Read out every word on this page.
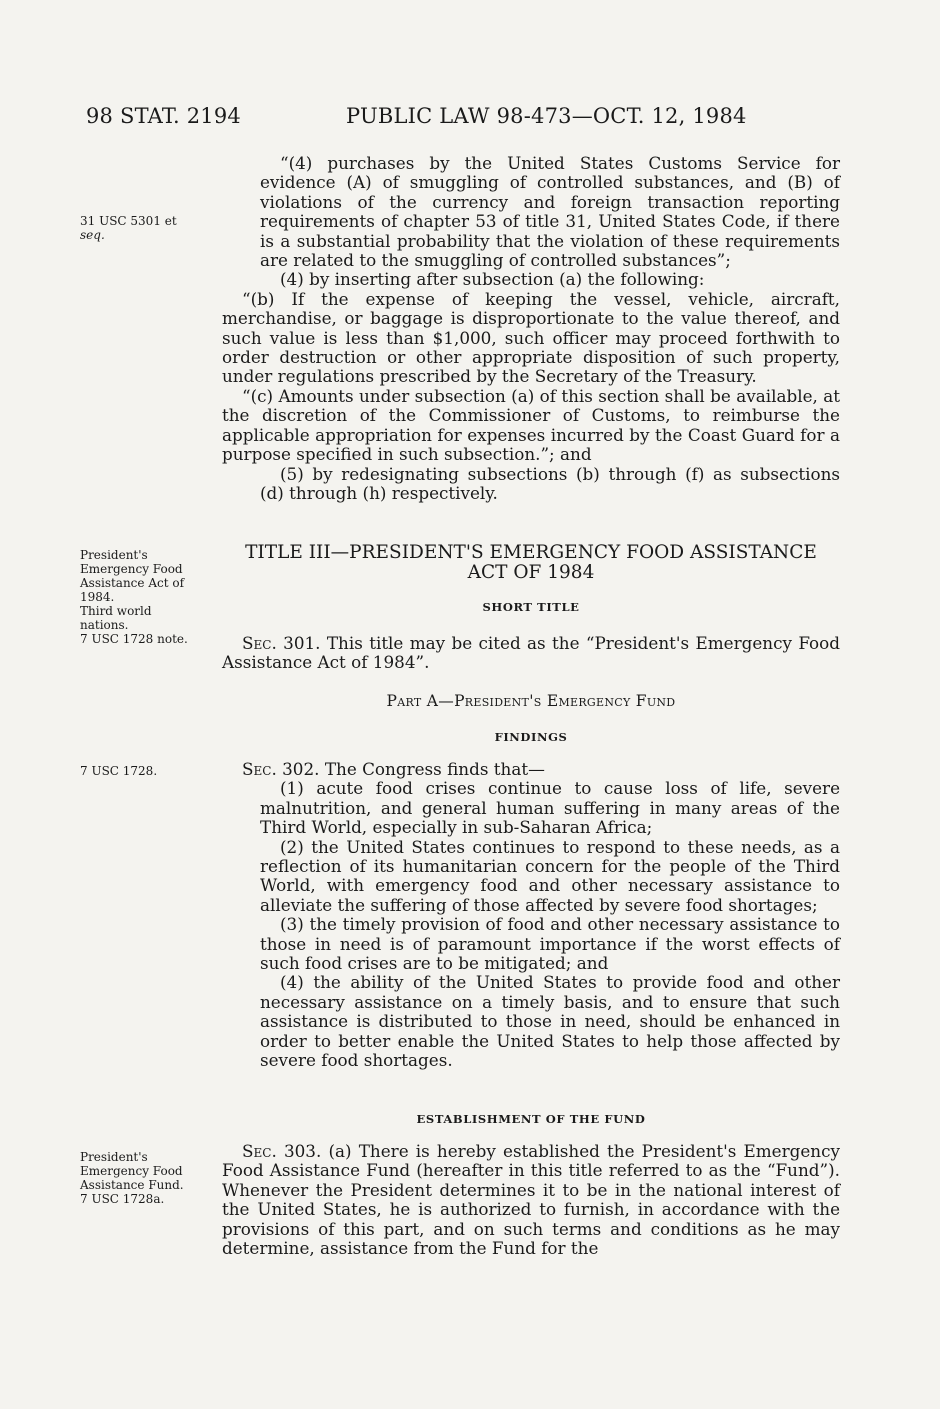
98 STAT. 2194	PUBLIC LAW 98-473—OCT. 12, 1984
31 USC 5301 et
seq.
President's
Emergency Food
Assistance Act of
1984.
Third world
nations.
7 USC 1728 note.
7 USC 1728.
President's
Emergency Food
Assistance Fund.
7 USC 1728a.

“(4) purchases by the United States Customs Service for evidence (A) of smuggling of controlled substances, and (B) of violations of the currency and foreign transaction reporting requirements of chapter 53 of title 31, United States Code, if there is a substantial probability that the violation of these requirements are related to the smuggling of controlled substances”;

(4) by inserting after subsection (a) the following:

“(b) If the expense of keeping the vessel, vehicle, aircraft, merchandise, or baggage is disproportionate to the value thereof, and such value is less than $1,000, such officer may proceed forthwith to order destruction or other appropriate disposition of such property, under regulations prescribed by the Secretary of the Treasury.

“(c) Amounts under subsection (a) of this section shall be available, at the discretion of the Commissioner of Customs, to reimburse the applicable appropriation for expenses incurred by the Coast Guard for a purpose specified in such subsection.”; and

(5) by redesignating subsections (b) through (f) as subsections (d) through (h) respectively.

TITLE III—PRESIDENT'S EMERGENCY FOOD ASSISTANCE
ACT OF 1984
SHORT TITLE

Sec. 301. This title may be cited as the “President's Emergency Food Assistance Act of 1984”.

Part A—President's Emergency Fund
FINDINGS

Sec. 302. The Congress finds that—

(1) acute food crises continue to cause loss of life, severe malnutrition, and general human suffering in many areas of the Third World, especially in sub-Saharan Africa;

(2) the United States continues to respond to these needs, as a reflection of its humanitarian concern for the people of the Third World, with emergency food and other necessary assistance to alleviate the suffering of those affected by severe food shortages;

(3) the timely provision of food and other necessary assistance to those in need is of paramount importance if the worst effects of such food crises are to be mitigated; and

(4) the ability of the United States to provide food and other necessary assistance on a timely basis, and to ensure that such assistance is distributed to those in need, should be enhanced in order to better enable the United States to help those affected by severe food shortages.

ESTABLISHMENT OF THE FUND

Sec. 303. (a) There is hereby established the President's Emergency Food Assistance Fund (hereafter in this title referred to as the “Fund”). Whenever the President determines it to be in the national interest of the United States, he is authorized to furnish, in accordance with the provisions of this part, and on such terms and conditions as he may determine, assistance from the Fund for the
